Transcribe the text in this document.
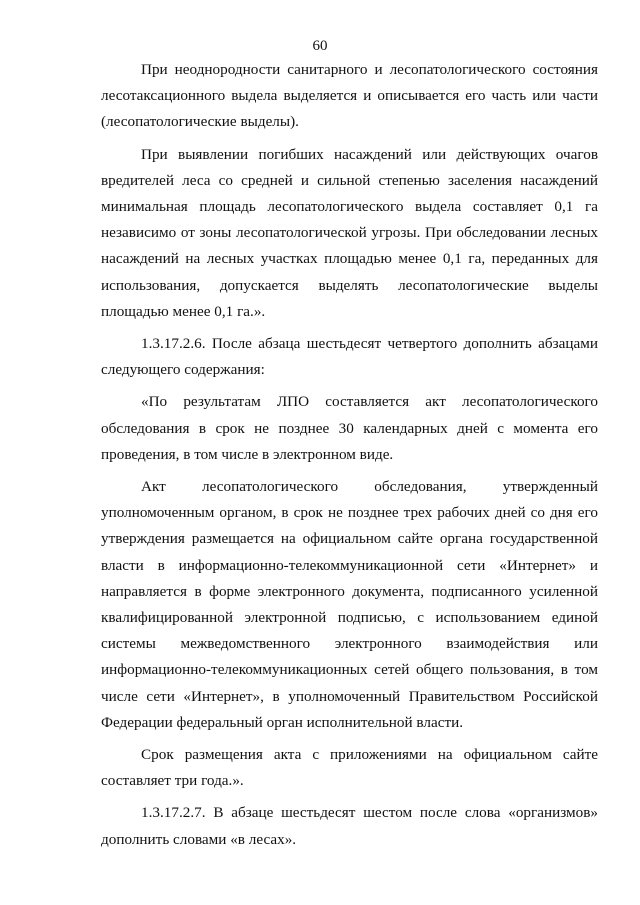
60

При неоднородности санитарного и лесопатологического состояния лесотаксационного выдела выделяется и описывается его часть или части (лесопатологические выделы).

При выявлении погибших насаждений или действующих очагов вредителей леса со средней и сильной степенью заселения насаждений минимальная площадь лесопатологического выдела составляет 0,1 га независимо от зоны лесопатологической угрозы. При обследовании лесных насаждений на лесных участках площадью менее 0,1 га, переданных для использования, допускается выделять лесопатологические выделы площадью менее 0,1 га.».

1.3.17.2.6. После абзаца шестьдесят четвертого дополнить абзацами следующего содержания:

«По результатам ЛПО составляется акт лесопатологического обследования в срок не позднее 30 календарных дней с момента его проведения, в том числе в электронном виде.

Акт лесопатологического обследования, утвержденный уполномоченным органом, в срок не позднее трех рабочих дней со дня его утверждения размещается на официальном сайте органа государственной власти в информационно-телекоммуникационной сети «Интернет» и направляется в форме электронного документа, подписанного усиленной квалифицированной электронной подписью, с использованием единой системы межведомственного электронного взаимодействия или информационно-телекоммуникационных сетей общего пользования, в том числе сети «Интернет», в уполномоченный Правительством Российской Федерации федеральный орган исполнительной власти.

Срок размещения акта с приложениями на официальном сайте составляет три года.».

1.3.17.2.7. В абзаце шестьдесят шестом после слова «организмов» дополнить словами «в лесах».
